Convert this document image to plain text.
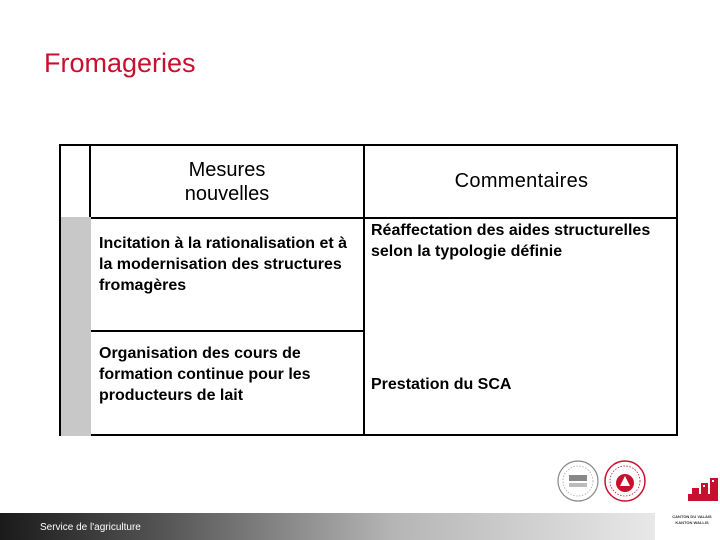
Fromageries
Mesures nouvelles
Commentaires
Incitation à la rationalisation et à la modernisation des structures fromagères
Réaffectation des aides structurelles selon la typologie définie
Organisation des cours de formation continue pour les producteurs de lait
Prestation du SCA
Service de l'agriculture
CANTON DU VALAIS
KANTON WALLIS
